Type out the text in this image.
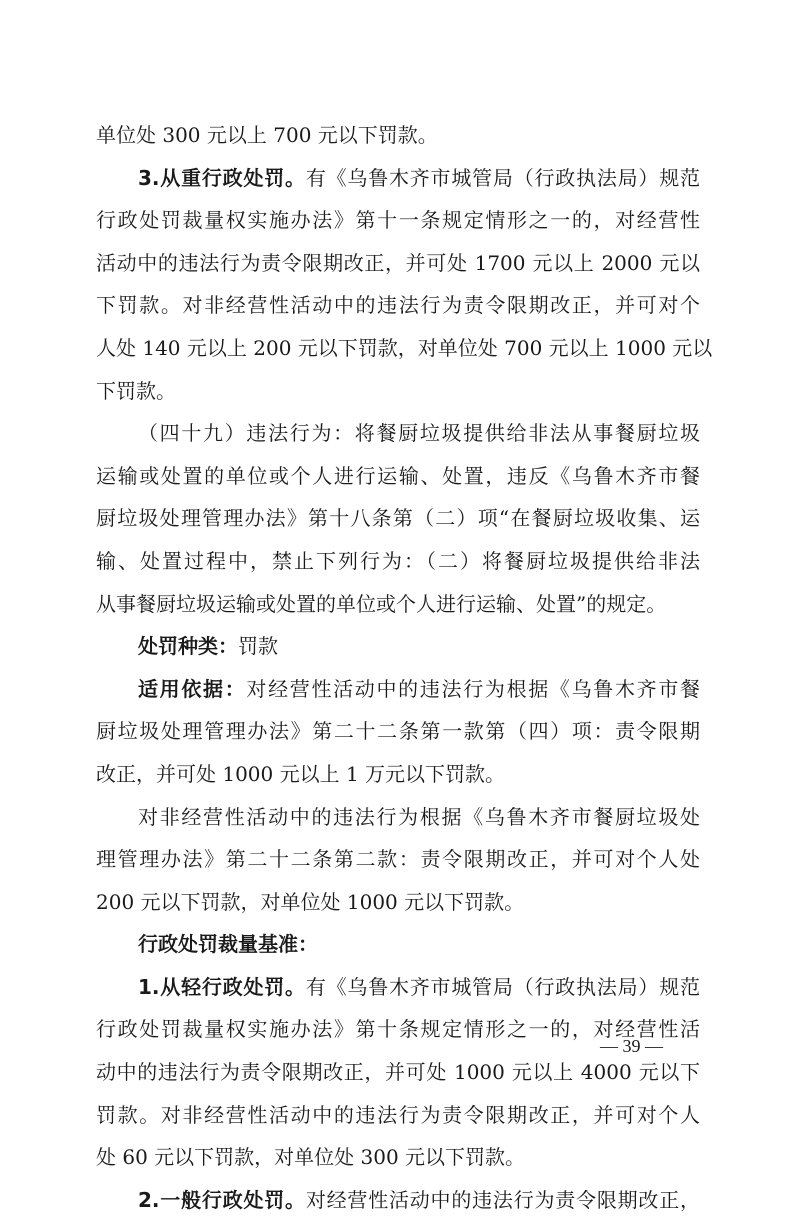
单位处 300 元以上 700 元以下罚款。
3.从重行政处罚。有《乌鲁木齐市城管局（行政执法局）规范
行政处罚裁量权实施办法》第十一条规定情形之一的，对经营性
活动中的违法行为责令限期改正，并可处 1700 元以上 2000 元以
下罚款。对非经营性活动中的违法行为责令限期改正，并可对个
人处 140 元以上 200 元以下罚款，对单位处 700 元以上 1000 元以
下罚款。
（四十九）违法行为：将餐厨垃圾提供给非法从事餐厨垃圾
运输或处置的单位或个人进行运输、处置，违反《乌鲁木齐市餐
厨垃圾处理管理办法》第十八条第（二）项“在餐厨垃圾收集、运
输、处置过程中，禁止下列行为：（二）将餐厨垃圾提供给非法
从事餐厨垃圾运输或处置的单位或个人进行运输、处置”的规定。
处罚种类：罚款
适用依据：对经营性活动中的违法行为根据《乌鲁木齐市餐
厨垃圾处理管理办法》第二十二条第一款第（四）项：责令限期
改正，并可处 1000 元以上 1 万元以下罚款。
对非经营性活动中的违法行为根据《乌鲁木齐市餐厨垃圾处
理管理办法》第二十二条第二款：责令限期改正，并可对个人处
200 元以下罚款，对单位处 1000 元以下罚款。
行政处罚裁量基准：
1.从轻行政处罚。有《乌鲁木齐市城管局（行政执法局）规范
行政处罚裁量权实施办法》第十条规定情形之一的，对经营性活
动中的违法行为责令限期改正，并可处 1000 元以上 4000 元以下
罚款。对非经营性活动中的违法行为责令限期改正，并可对个人
处 60 元以下罚款，对单位处 300 元以下罚款。
2.一般行政处罚。对经营性活动中的违法行为责令限期改正，
— 39 —
